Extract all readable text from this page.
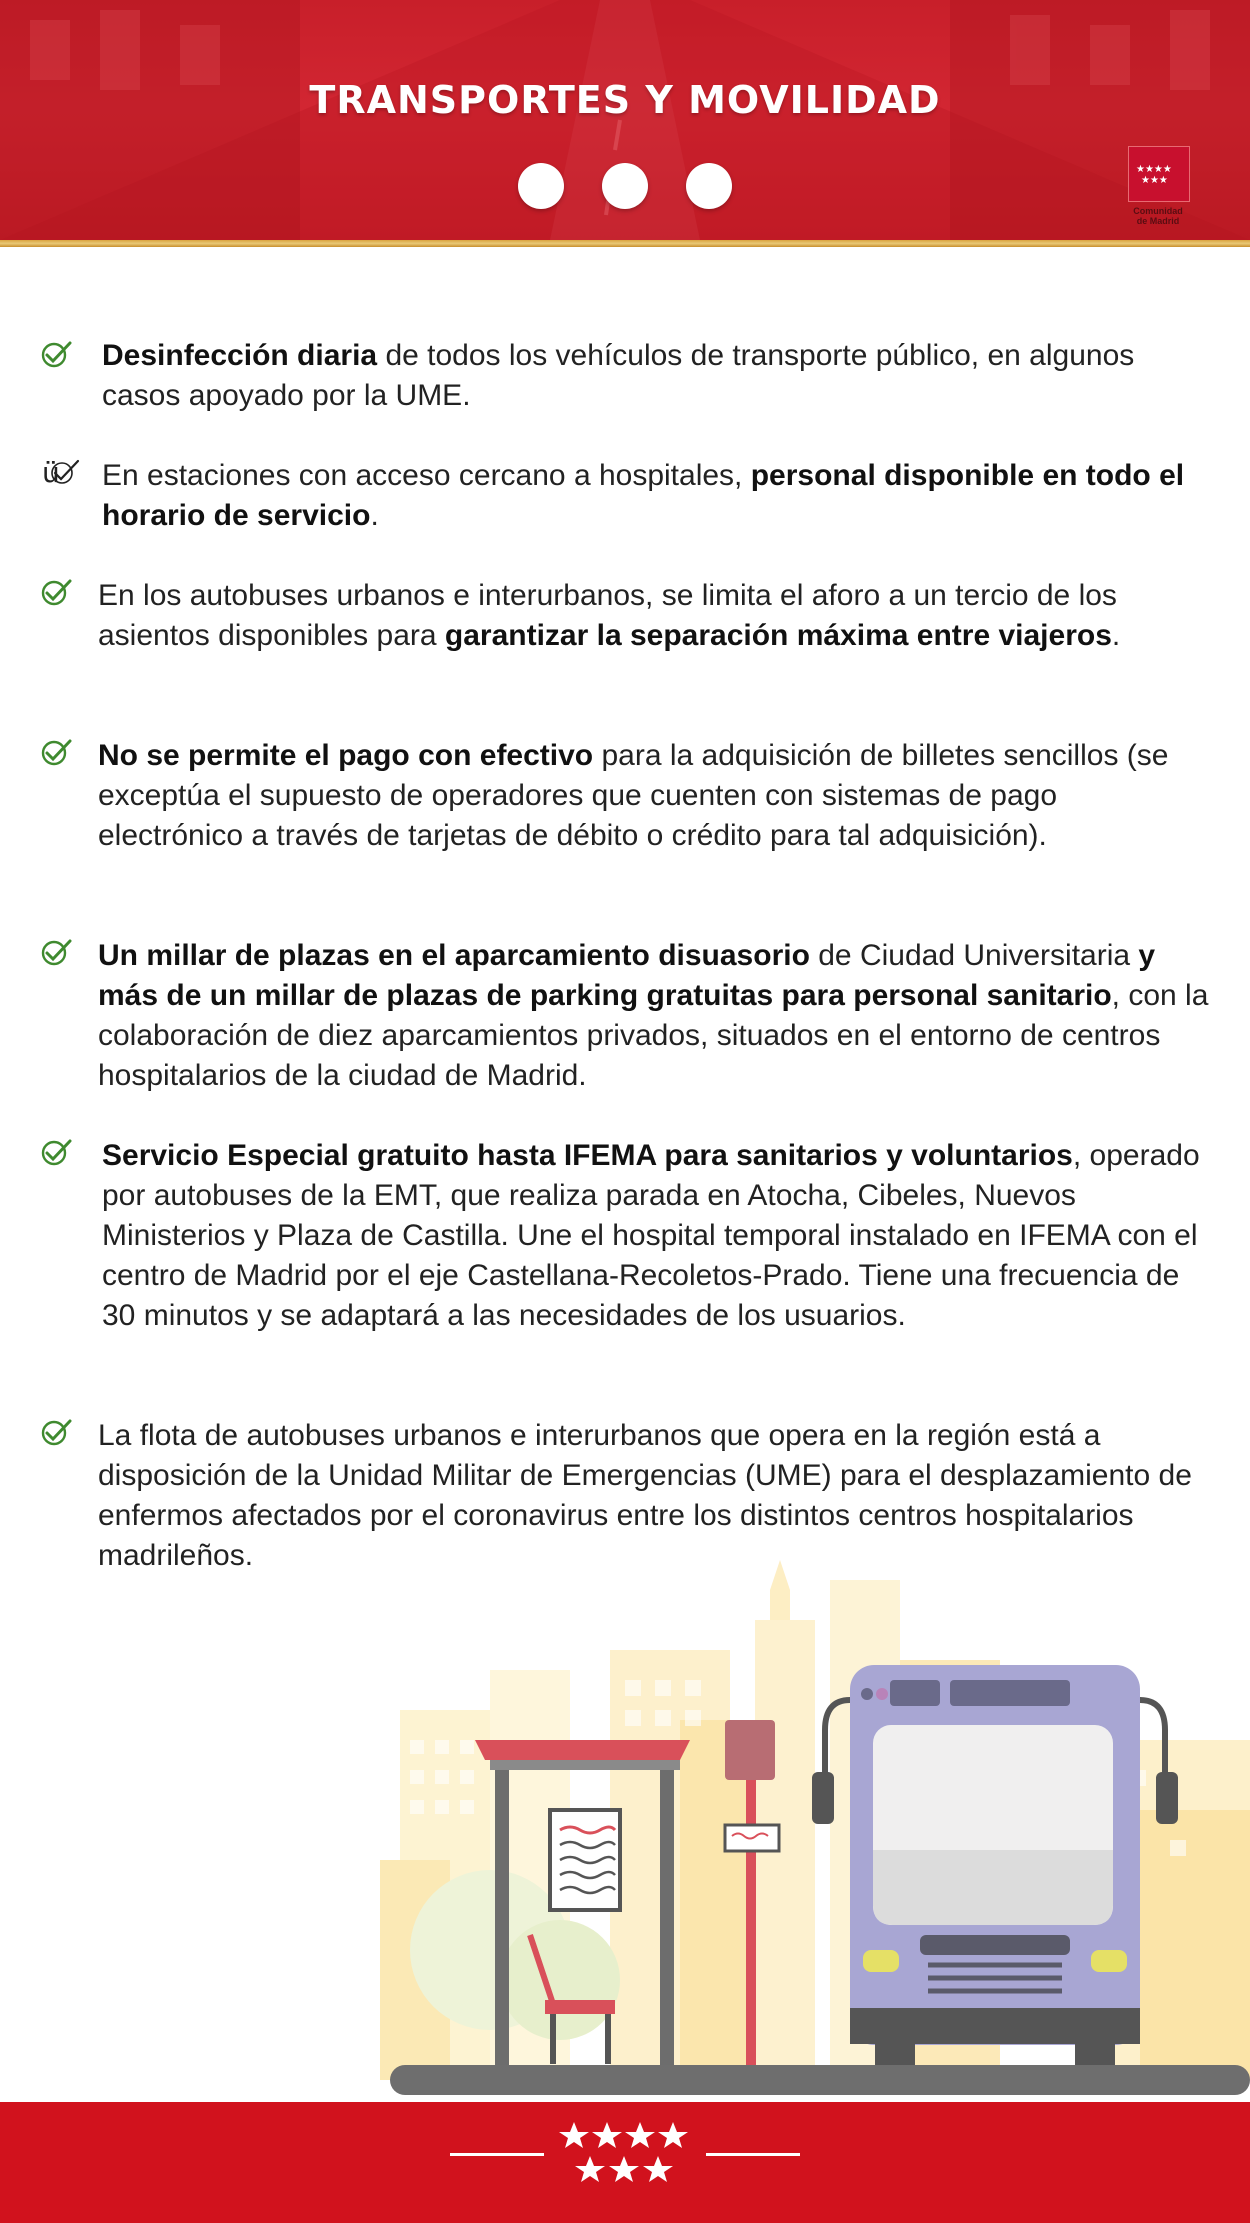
TRANSPORTES Y MOVILIDAD
★★★★
★★★
Comunidad
de Madrid

Desinfección diaria de todos los vehículos de transporte público, en algunos casos apoyado por la UME.

ü En estaciones con acceso cercano a hospitales, personal disponible en todo el horario de servicio.

En los autobuses urbanos e interurbanos, se limita el aforo a un tercio de los asientos disponibles para garantizar la separación máxima entre viajeros.

No se permite el pago con efectivo para la adquisición de billetes sencillos (se exceptúa el supuesto de operadores que cuenten con sistemas de pago electrónico a través de tarjetas de débito o crédito para tal adquisición).

Un millar de plazas en el aparcamiento disuasorio de Ciudad Universitaria y más de un millar de plazas de parking gratuitas para personal sanitario, con la colaboración de diez aparcamientos privados, situados en el entorno de centros hospitalarios de la ciudad de Madrid.

Servicio Especial gratuito hasta IFEMA para sanitarios y voluntarios, operado por autobuses de la EMT, que realiza parada en Atocha, Cibeles, Nuevos Ministerios y Plaza de Castilla. Une el hospital temporal instalado en IFEMA con el centro de Madrid por el eje Castellana-Recoletos-Prado. Tiene una frecuencia de 30 minutos y se adaptará a las necesidades de los usuarios.

La flota de autobuses urbanos e interurbanos que opera en la región está a disposición de la Unidad Militar de Emergencias (UME) para el desplazamiento de enfermos afectados por el coronavirus entre los distintos centros hospitalarios madrileños.
